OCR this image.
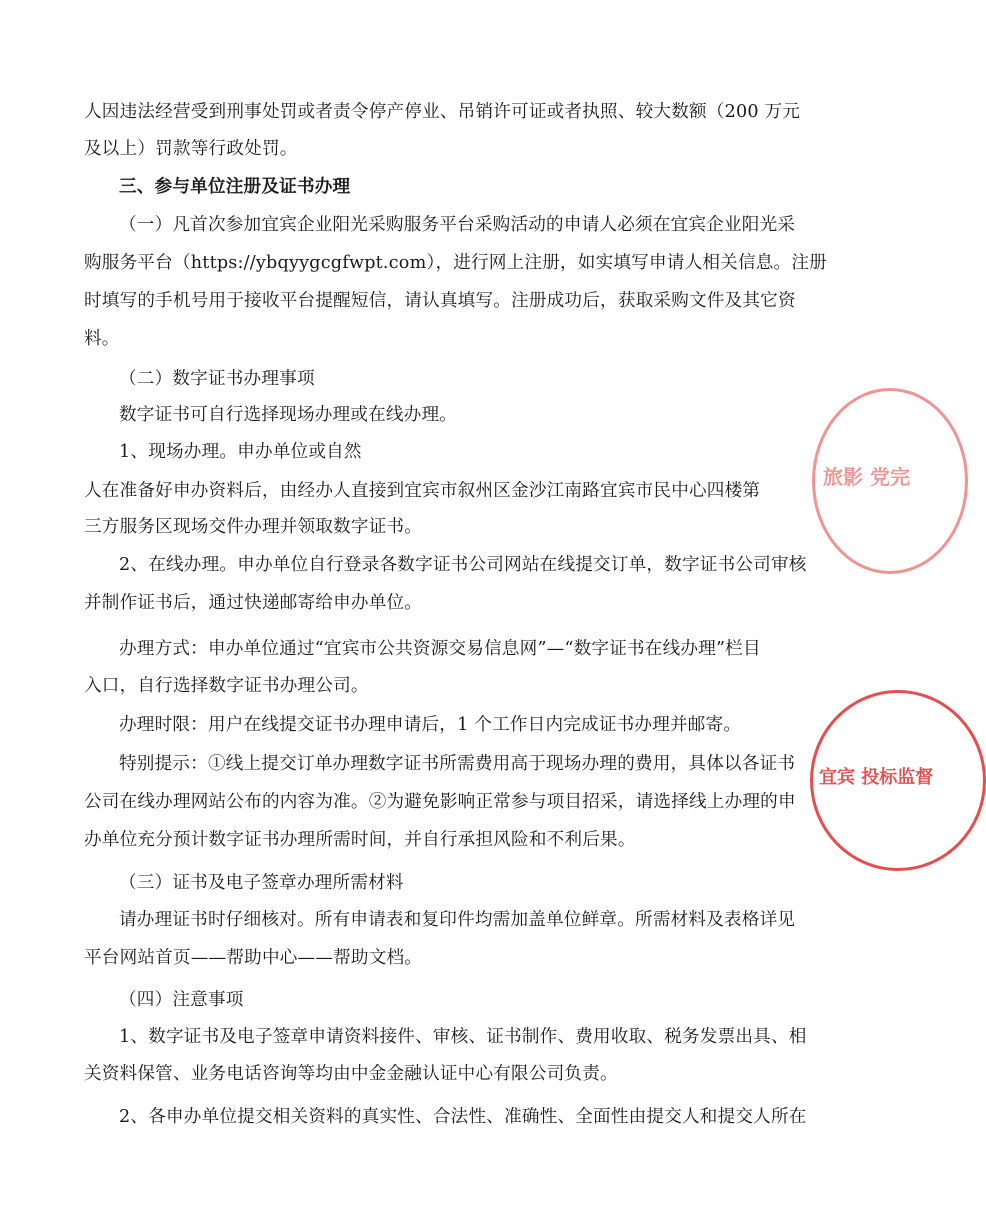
人因违法经营受到刑事处罚或者责令停产停业、吊销许可证或者执照、较大数额（200 万元
及以上）罚款等行政处罚。
三、参与单位注册及证书办理
（一）凡首次参加宜宾企业阳光采购服务平台采购活动的申请人必须在宜宾企业阳光采
购服务平台（https://ybqyygcgfwpt.com），进行网上注册，如实填写申请人相关信息。注册
时填写的手机号用于接收平台提醒短信，请认真填写。注册成功后，获取采购文件及其它资
料。
（二）数字证书办理事项
数字证书可自行选择现场办理或在线办理。
1、现场办理。申办单位或自然
人在准备好申办资料后，由经办人直接到宜宾市叙州区金沙江南路宜宾市民中心四楼第
三方服务区现场交件办理并领取数字证书。
2、在线办理。申办单位自行登录各数字证书公司网站在线提交订单，数字证书公司审核
并制作证书后，通过快递邮寄给申办单位。
办理方式：申办单位通过“宜宾市公共资源交易信息网”—“数字证书在线办理”栏目
入口，自行选择数字证书办理公司。
办理时限：用户在线提交证书办理申请后，1 个工作日内完成证书办理并邮寄。
特别提示：①线上提交订单办理数字证书所需费用高于现场办理的费用，具体以各证书
公司在线办理网站公布的内容为准。②为避免影响正常参与项目招采，请选择线上办理的申
办单位充分预计数字证书办理所需时间，并自行承担风险和不利后果。
（三）证书及电子签章办理所需材料
请办理证书时仔细核对。所有申请表和复印件均需加盖单位鲜章。所需材料及表格详见
平台网站首页——帮助中心——帮助文档。
（四）注意事项
1、数字证书及电子签章申请资料接件、审核、证书制作、费用收取、税务发票出具、相
关资料保管、业务电话咨询等均由中金金融认证中心有限公司负责。
2、各申办单位提交相关资料的真实性、合法性、准确性、全面性由提交人和提交人所在
旅影 党完
宜宾 投标监督
